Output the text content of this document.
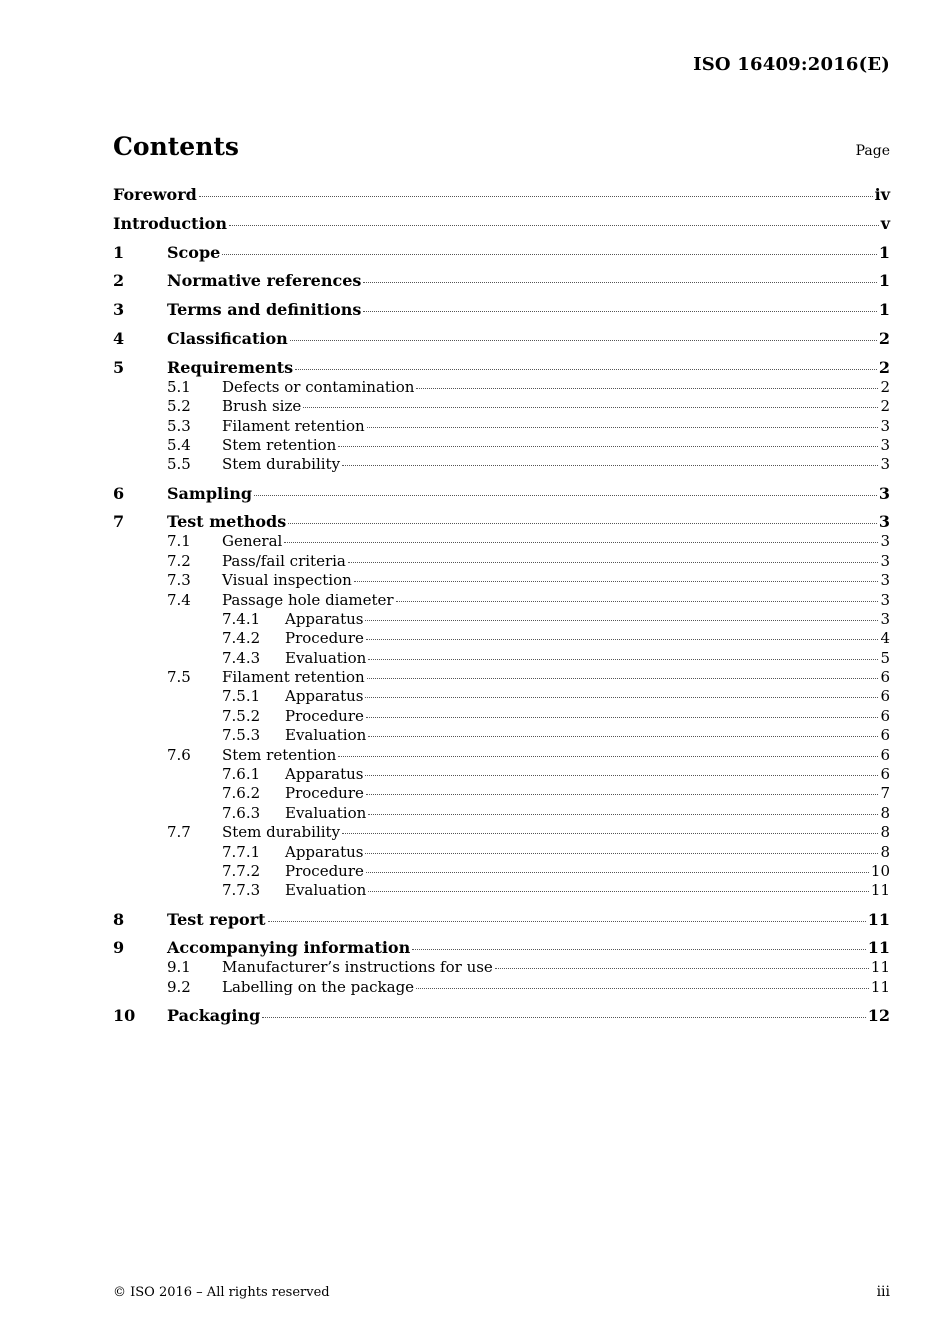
ISO 16409:2016(E)
Contents	Page
Foreword	iv
Introduction	v
1	Scope	1
2	Normative references	1
3	Terms and definitions	1
4	Classification	2
5	Requirements	2
5.1	Defects or contamination	2
5.2	Brush size	2
5.3	Filament retention	3
5.4	Stem retention	3
5.5	Stem durability	3
6	Sampling	3
7	Test methods	3
7.1	General	3
7.2	Pass/fail criteria	3
7.3	Visual inspection	3
7.4	Passage hole diameter	3
7.4.1	Apparatus	3
7.4.2	Procedure	4
7.4.3	Evaluation	5
7.5	Filament retention	6
7.5.1	Apparatus	6
7.5.2	Procedure	6
7.5.3	Evaluation	6
7.6	Stem retention	6
7.6.1	Apparatus	6
7.6.2	Procedure	7
7.6.3	Evaluation	8
7.7	Stem durability	8
7.7.1	Apparatus	8
7.7.2	Procedure	10
7.7.3	Evaluation	11
8	Test report	11
9	Accompanying information	11
9.1	Manufacturer’s instructions for use	11
9.2	Labelling on the package	11
10	Packaging	12
© ISO 2016 – All rights reserved	iii
